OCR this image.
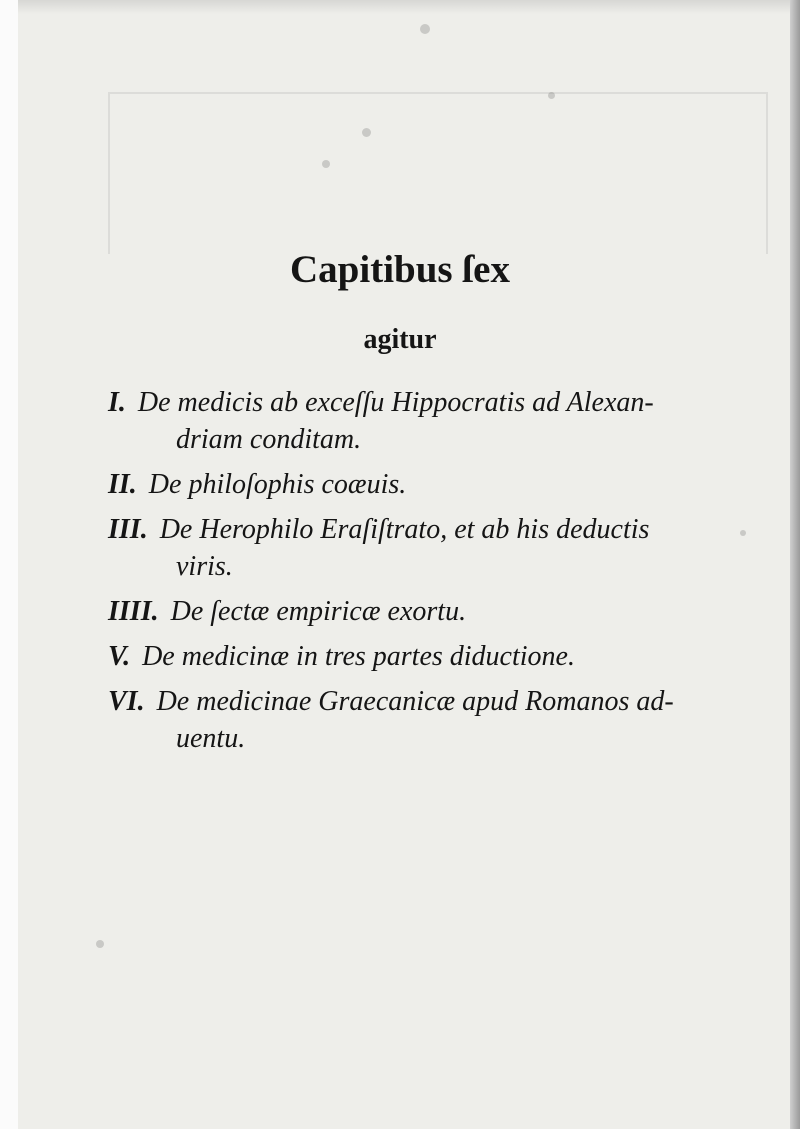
Capitibus ſex
agitur
I. De medicis ab exceſſu Hippocratis ad Alexan-
driam conditam.
II. De philoſophis coæuis.
III. De Herophilo Eraſiſtrato, et ab his deductis
viris.
IIII. De ſectæ empiricæ exortu.
V. De medicinæ in tres partes diductione.
VI. De medicinae Graecanicæ apud Romanos ad-
uentu.
